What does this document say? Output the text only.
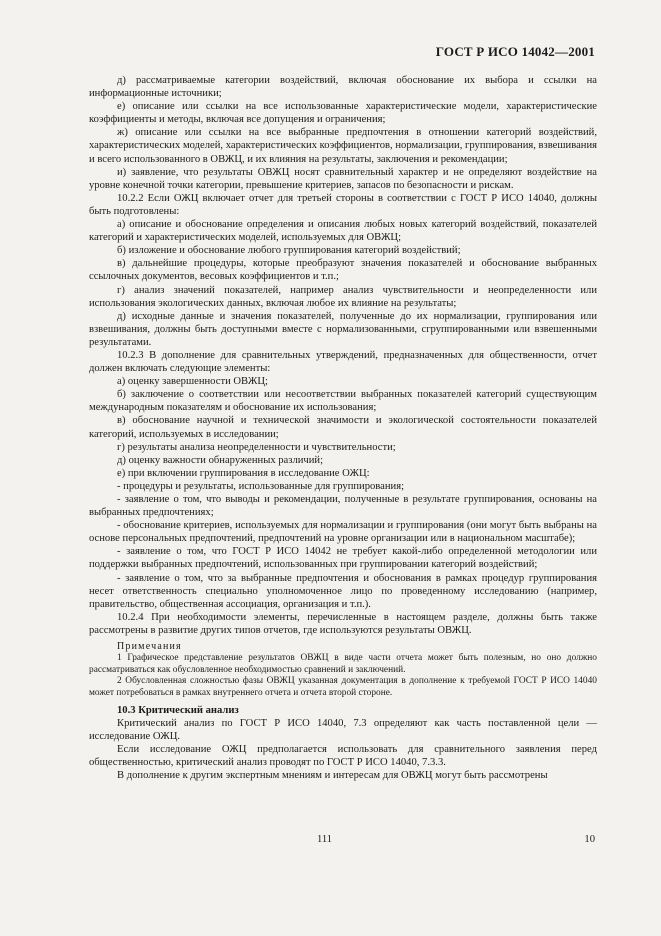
ГОСТ Р ИСО 14042—2001

д) рассматриваемые категории воздействий, включая обоснование их выбора и ссылки на информационные источники;

е) описание или ссылки на все использованные характеристические модели, характеристические коэффициенты и методы, включая все допущения и ограничения;

ж) описание или ссылки на все выбранные предпочтения в отношении категорий воздействий, характеристических моделей, характеристических коэффициентов, нормализации, группирования, взвешивания и всего использованного в ОВЖЦ, и их влияния на результаты, заключения и рекомендации;

и) заявление, что результаты ОВЖЦ носят сравнительный характер и не определяют воздействие на уровне конечной точки категории, превышение критериев, запасов по безопасности и рискам.

10.2.2 Если ОЖЦ включает отчет для третьей стороны в соответствии с ГОСТ Р ИСО 14040, должны быть подготовлены:

а) описание и обоснование определения и описания любых новых категорий воздействий, показателей категорий и характеристических моделей, используемых для ОВЖЦ;

б) изложение и обоснование любого группирования категорий воздействий;

в) дальнейшие процедуры, которые преобразуют значения показателей и обоснование выбранных ссылочных документов, весовых коэффициентов и т.п.;

г) анализ значений показателей, например анализ чувствительности и неопределенности или использования экологических данных, включая любое их влияние на результаты;

д) исходные данные и значения показателей, полученные до их нормализации, группирования или взвешивания, должны быть доступными вместе с нормализованными, сгруппированными или взвешенными результатами.

10.2.3 В дополнение для сравнительных утверждений, предназначенных для общественности, отчет должен включать следующие элементы:

а) оценку завершенности ОВЖЦ;

б) заключение о соответствии или несоответствии выбранных показателей категорий существующим международным показателям и обоснование их использования;

в) обоснование научной и технической значимости и экологической состоятельности показателей категорий, используемых в исследовании;

г) результаты анализа неопределенности и чувствительности;

д) оценку важности обнаруженных различий;

е) при включении группирования в исследование ОЖЦ:

- процедуры и результаты, использованные для группирования;

- заявление о том, что выводы и рекомендации, полученные в результате группирования, основаны на выбранных предпочтениях;

- обоснование критериев, используемых для нормализации и группирования (они могут быть выбраны на основе персональных предпочтений, предпочтений на уровне организации или в национальном масштабе);

- заявление о том, что ГОСТ Р ИСО 14042 не требует какой-либо определенной методологии или поддержки выбранных предпочтений, использованных при группировании категорий воздействий;

- заявление о том, что за выбранные предпочтения и обоснования в рамках процедур группирования несет ответственность специально уполномоченное лицо по проведенному исследованию (например, правительство, общественная ассоциация, организация и т.п.).

10.2.4 При необходимости элементы, перечисленные в настоящем разделе, должны быть также рассмотрены в развитие других типов отчетов, где используются результаты ОВЖЦ.

Примечания

1 Графическое представление результатов ОВЖЦ в виде части отчета может быть полезным, но оно должно рассматриваться как обусловленное необходимостью сравнений и заключений.

2 Обусловленная сложностью фазы ОВЖЦ указанная документация в дополнение к требуемой ГОСТ Р ИСО 14040 может потребоваться в рамках внутреннего отчета и отчета второй стороне.

10.3 Критический анализ

Критический анализ по ГОСТ Р ИСО 14040, 7.3 определяют как часть поставленной цели — исследование ОЖЦ.

Если исследование ОЖЦ предполагается использовать для сравнительного заявления перед общественностью, критический анализ проводят по ГОСТ Р ИСО 14040, 7.3.3.

В дополнение к другим экспертным мнениям и интересам для ОВЖЦ могут быть рассмотрены

111	10
